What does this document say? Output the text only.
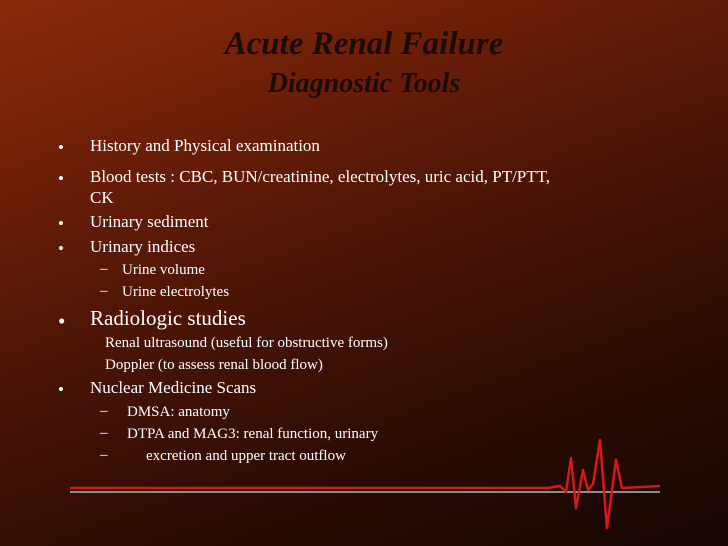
Acute Renal Failure
Diagnostic Tools
• History and Physical examination
• Blood tests : CBC, BUN/creatinine, electrolytes, uric acid, PT/PTT,
CK
• Urinary sediment
• Urinary indices
– Urine volume
– Urine electrolytes
• Radiologic studies
Renal ultrasound (useful for obstructive forms)
Doppler (to assess renal blood flow)
• Nuclear Medicine Scans
– DMSA: anatomy
– DTPA and MAG3: renal function, urinary
–	excretion and upper tract outflow
